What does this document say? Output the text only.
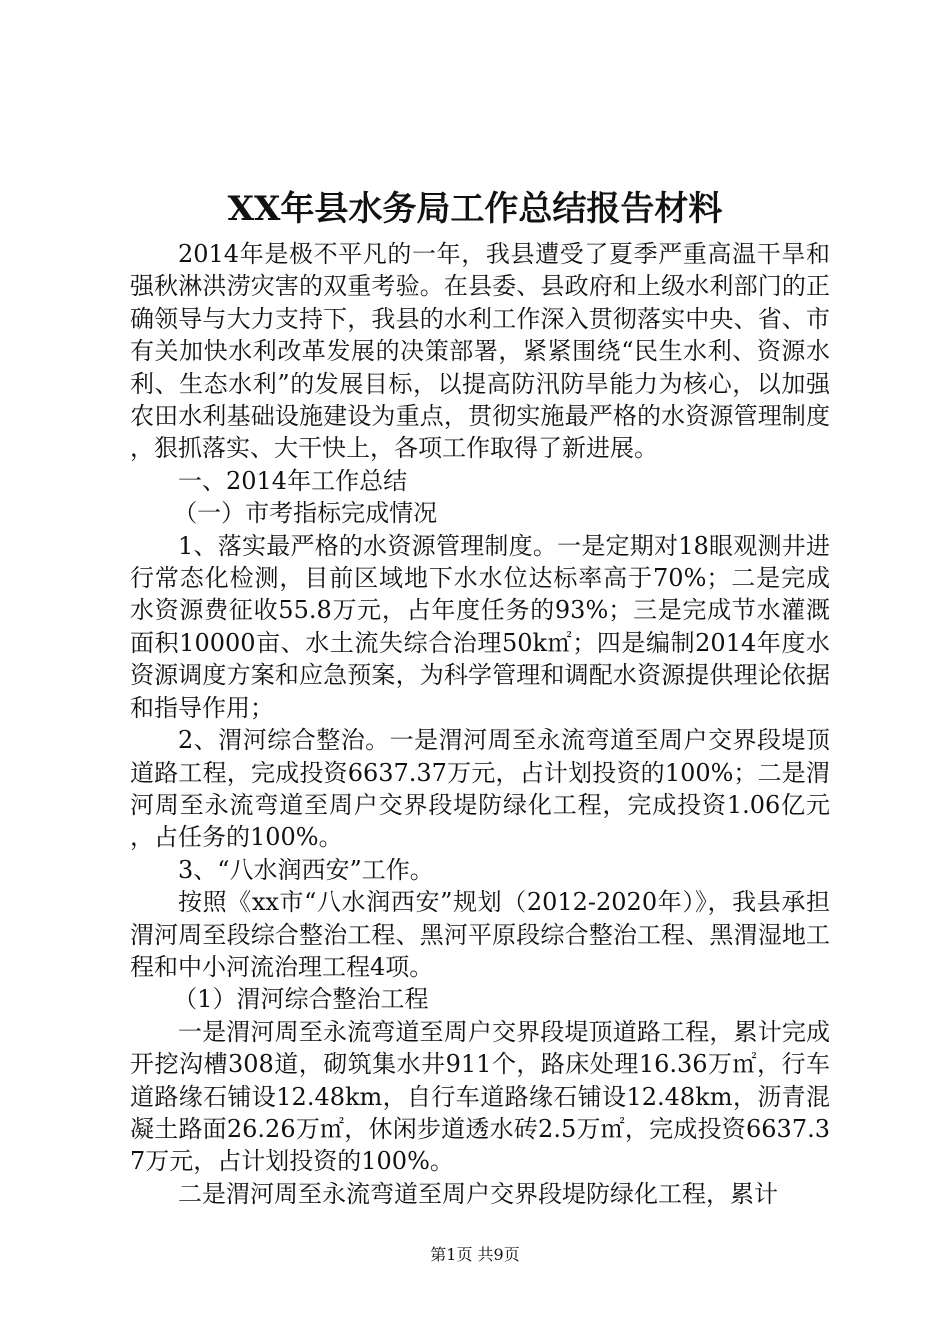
XX年县水务局工作总结报告材料

2014年是极不平凡的一年，我县遭受了夏季严重高温干旱和强秋淋洪涝灾害的双重考验。在县委、县政府和上级水利部门的正确领导与大力支持下，我县的水利工作深入贯彻落实中央、省、市有关加快水利改革发展的决策部署，紧紧围绕“民生水利、资源水利、生态水利”的发展目标，以提高防汛防旱能力为核心，以加强农田水利基础设施建设为重点，贯彻实施最严格的水资源管理制度，狠抓落实、大干快上，各项工作取得了新进展。

一、2014年工作总结

（一）市考指标完成情况

1、落实最严格的水资源管理制度。一是定期对18眼观测井进行常态化检测，目前区域地下水水位达标率高于70%；二是完成水资源费征收55.8万元，占年度任务的93%；三是完成节水灌溉面积10000亩、水土流失综合治理50k㎡；四是编制2014年度水资源调度方案和应急预案，为科学管理和调配水资源提供理论依据和指导作用；

2、渭河综合整治。一是渭河周至永流弯道至周户交界段堤顶道路工程，完成投资6637.37万元，占计划投资的100%；二是渭河周至永流弯道至周户交界段堤防绿化工程，完成投资1.06亿元，占任务的100%。

3、“八水润西安”工作。

按照《xx市“八水润西安”规划（2012-2020年）》，我县承担渭河周至段综合整治工程、黑河平原段综合整治工程、黑渭湿地工程和中小河流治理工程4项。

（1）渭河综合整治工程

一是渭河周至永流弯道至周户交界段堤顶道路工程，累计完成开挖沟槽308道，砌筑集水井911个，路床处理16.36万㎡，行车道路缘石铺设12.48km，自行车道路缘石铺设12.48km，沥青混凝土路面26.26万㎡，休闲步道透水砖2.5万㎡，完成投资6637.37万元，占计划投资的100%。

二是渭河周至永流弯道至周户交界段堤防绿化工程，累计

第1页 共9页
